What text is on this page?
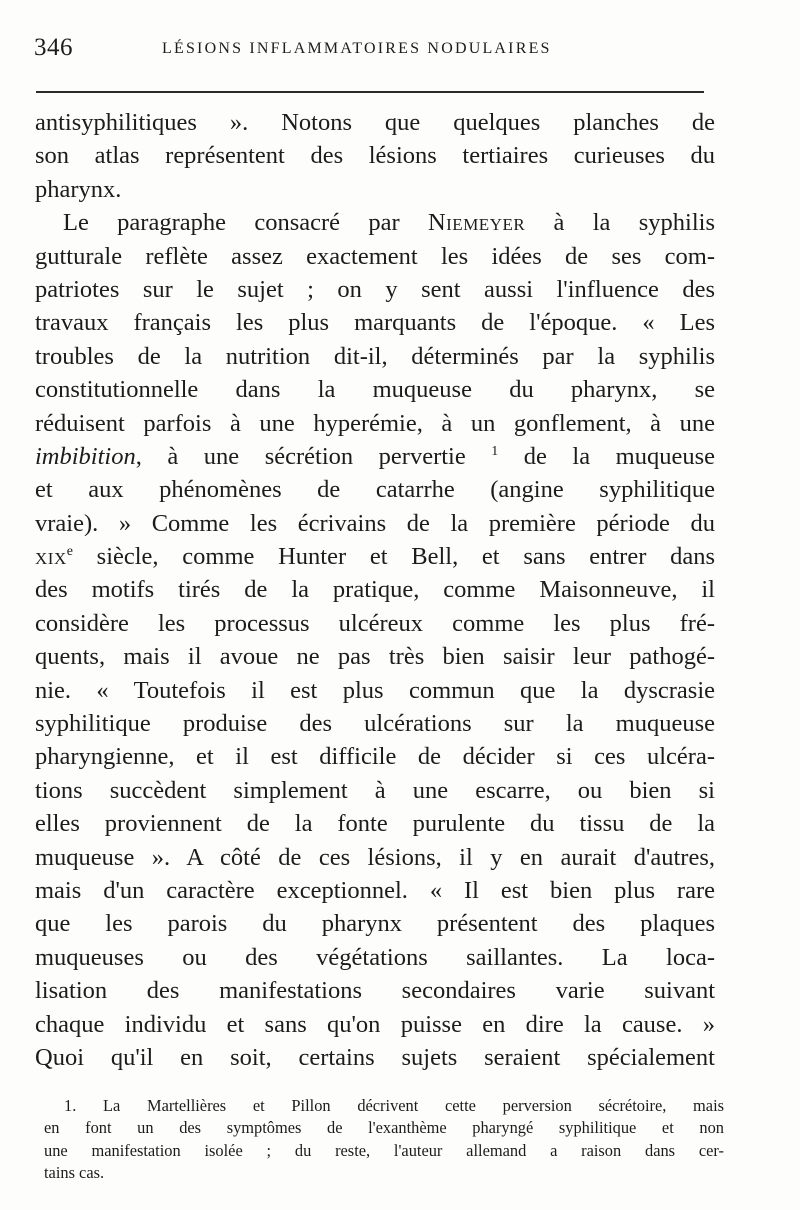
346	LÉSIONS INFLAMMATOIRES NODULAIRES
antisyphilitiques ». Notons que quelques planches de
son atlas représentent des lésions tertiaires curieuses du
pharynx.
Le paragraphe consacré par Niemeyer à la syphilis
gutturale reflète assez exactement les idées de ses com-
patriotes sur le sujet ; on y sent aussi l'influence des
travaux français les plus marquants de l'époque. « Les
troubles de la nutrition dit-il, déterminés par la syphilis
constitutionnelle dans la muqueuse du pharynx, se
réduisent parfois à une hyperémie, à un gonflement, à une
imbibition, à une sécrétion pervertie $^1$ de la muqueuse
et aux phénomènes de catarrhe (angine syphilitique
vraie). » Comme les écrivains de la première période du
xix$^e$ siècle, comme Hunter et Bell, et sans entrer dans
des motifs tirés de la pratique, comme Maisonneuve, il
considère les processus ulcéreux comme les plus fré-
quents, mais il avoue ne pas très bien saisir leur pathogé-
nie. « Toutefois il est plus commun que la dyscrasie
syphilitique produise des ulcérations sur la muqueuse
pharyngienne, et il est difficile de décider si ces ulcéra-
tions succèdent simplement à une escarre, ou bien si
elles proviennent de la fonte purulente du tissu de la
muqueuse ». A côté de ces lésions, il y en aurait d'autres,
mais d'un caractère exceptionnel. « Il est bien plus rare
que les parois du pharynx présentent des plaques
muqueuses ou des végétations saillantes. La loca-
lisation des manifestations secondaires varie suivant
chaque individu et sans qu'on puisse en dire la cause. »
Quoi qu'il en soit, certains sujets seraient spécialement
1. La Martellières et Pillon décrivent cette perversion sécrétoire, mais
en font un des symptômes de l'exanthème pharyngé syphilitique et non
une manifestation isolée ; du reste, l'auteur allemand a raison dans cer-
tains cas.
